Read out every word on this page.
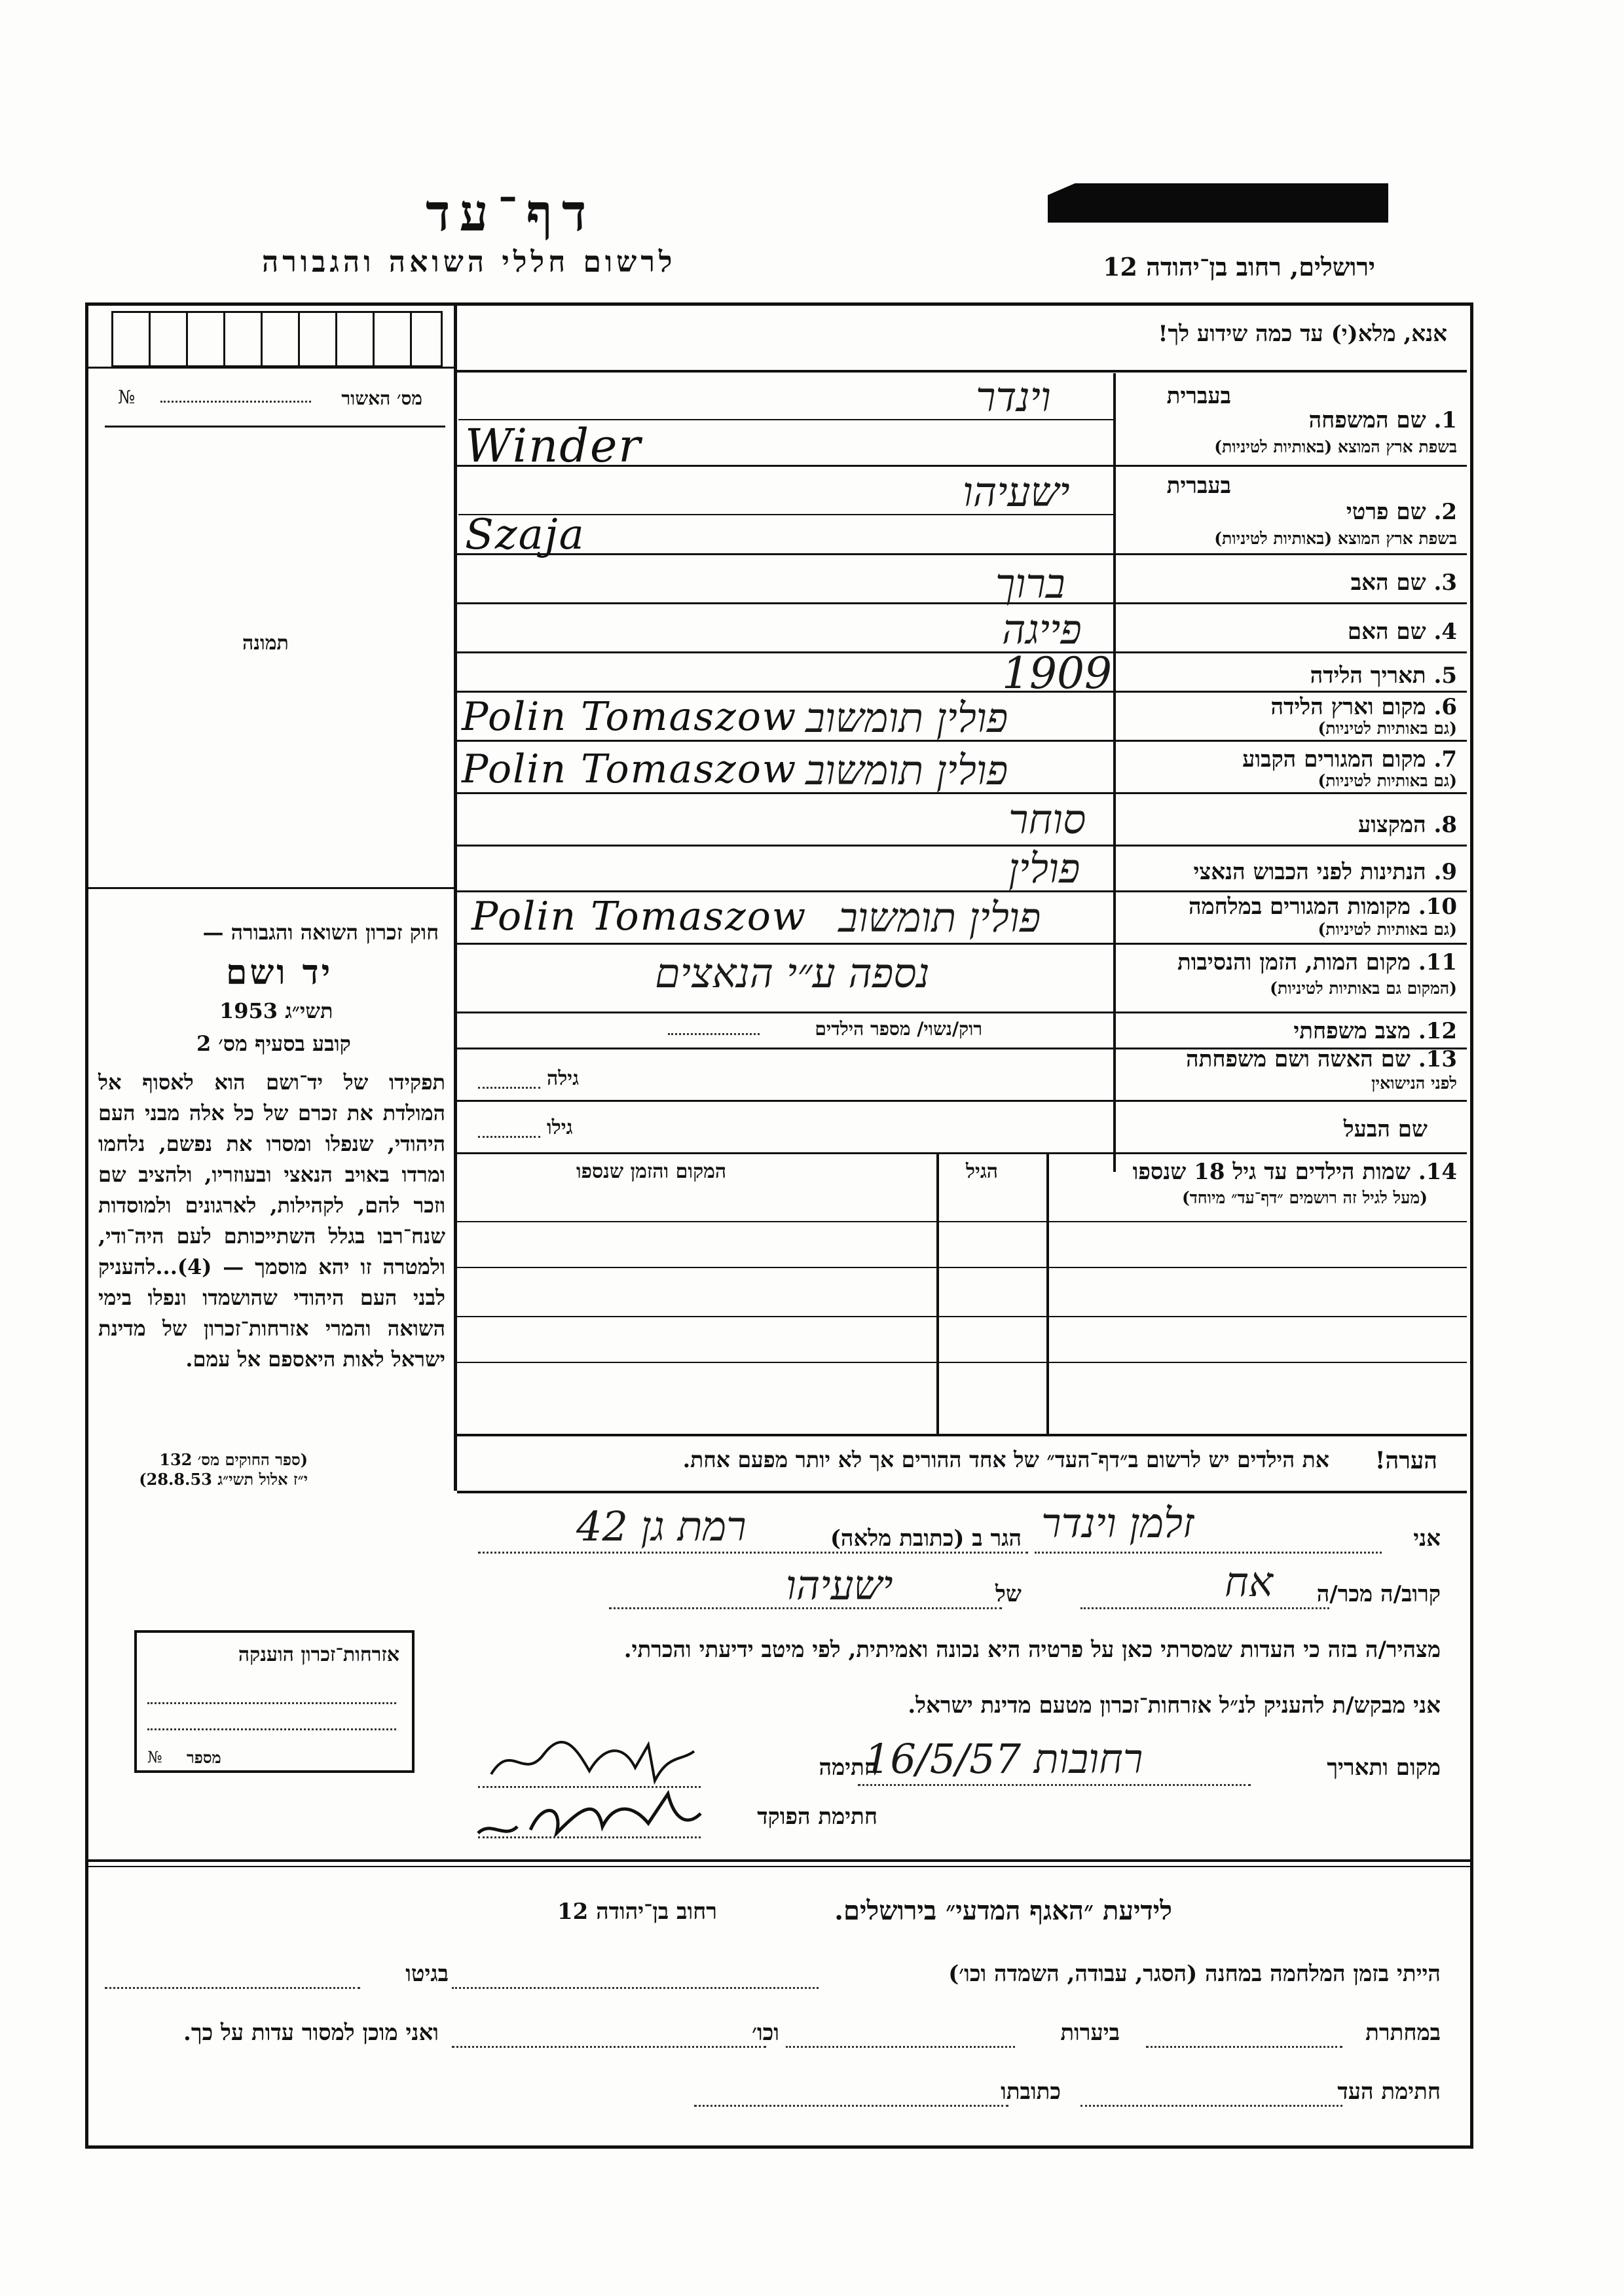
ירושלים, רחוב בן־יהודה 12
דף־עד
לרשום חללי השואה והגבורה
אנא, מלא(י) עד כמה שידוע לך!
מס׳ האשור
№
תמונה
חוק זכרון השואה והגבורה —
יד ושם
תשי״ג 1953
קובע בסעיף מס׳ 2
תפקידו של יד־ושם הוא לאסוף אל המולדת את זכרם של כל אלה מבני העם היהודי, שנפלו ומסרו את נפשם, נלחמו ומרדו באויב הנאצי ובעוזריו, ולהציב שם וזכר להם, לקהילות, לארגונים ולמוסדות שנח־רבו בגלל השתייכותם לעם היה־ודי, ולמטרה זו יהא מוסמך — (4)...להעניק לבני העם היהודי שהושמדו ונפלו בימי השואה והמרי אזרחות־זכרון של מדינת ישראל לאות היאספם אל עמם.
(ספר החוקים מס׳ 132
י״ז אלול תשי״ג 28.8.53)
אזרחות־זכרון הוענקה
מספר
№
בעברית
1. שם המשפחה
בשפת ארץ המוצא (באותיות לטיניות)
וינדר
Winder
בעברית
2. שם פרטי
בשפת ארץ המוצא (באותיות לטיניות)
ישעיהו
Szaja
3. שם האב
ברוך
4. שם האם
פייגה
5. תאריך הלידה
1909
6. מקום וארץ הלידה
(גם באותיות לטיניות)
Polin Tomaszow פולין תומשוב
7. מקום המגורים הקבוע
(גם באותיות לטיניות)
Polin Tomaszow פולין תומשוב
8. המקצוע
סוחר
9. הנתינות לפני הכבוש הנאצי
פולין
10. מקומות המגורים במלחמה
(גם באותיות לטיניות)
Polin Tomaszow פולין תומשוב
11. מקום המות, הזמן והנסיבות
(המקום גם באותיות לטיניות)
נספה ע״י הנאצים
רוק/נשוי/ מספר הילדים	12. מצב משפחתי
13. שם האשה ושם משפחתה
לפני הנישואין
גילה
שם הבעל
גילו
14. שמות הילדים עד גיל 18 שנספו
(מעל לגיל זה רושמים ״דף־עד״ מיוחד)
הגיל
המקום והזמן שנספו
הערה!
את הילדים יש לרשום ב״דף־העד״ של אחד ההורים אך לא יותר מפעם אחת.
אני
זלמן וינדר
הגר ב (כתובת מלאה)
רמת גן 42
קרוב/ה מכר/ה
אח
של
ישעיהו
מצהיר/ה בזה כי העדות שמסרתי כאן על פרטיה היא נכונה ואמיתית, לפי מיטב ידיעתי והכרתי.
אני מבקש/ת להעניק לנ״ל אזרחות־זכרון מטעם מדינת ישראל.
מקום ותאריך
רחובות 16/5/57
חתימה
חתימת הפוקד
לידיעת ״האגף המדעי״ בירושלים.
רחוב בן־יהודה 12
הייתי בזמן המלחמה במחנה (הסגר, עבודה, השמדה וכו׳)
בגיטו
במחתרת
ביערות
וכו׳
ואני מוכן למסור עדות על כך.
חתימת העד
כתובתו
